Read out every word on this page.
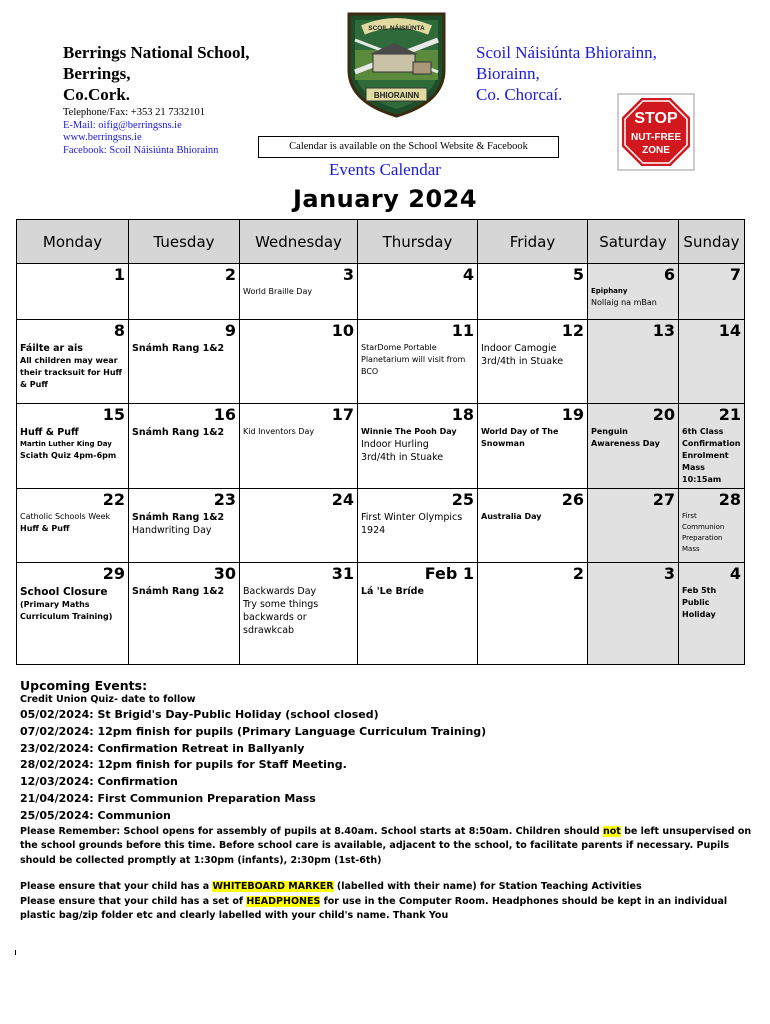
Berrings National School,
Berrings,
Co.Cork.
Telephone/Fax: +353 21 7332101
E-Mail: oifig@berringsns.ie
www.berringsns.ie
Facebook: Scoil Náisiúnta Bhiorainn
BHIORAINN
SCOIL NÁISIÚNTA
Scoil Náisiúnta Bhiorainn,
Biorainn,
Co. Chorcaí.
STOP
NUT-FREE
ZONE
Calendar is available on the School Website & Facebook
Events Calendar
January 2024
Monday	Tuesday	Wednesday	Thursday	Friday	Saturday	Sunday

1	2	3
World Braille Day	4	5	6
Epiphany
Nollaig na mBan	7

8
Fáilte ar ais
All children may wear their tracksuit for Huff & Puff	9
Snámh Rang 1&2	10	11
StarDome Portable Planetarium will visit from BCO	12
Indoor Camogie
3rd/4th in Stuake	13	14

15
Huff & Puff
Martin Luther King Day
Sciath Quiz 4pm-6pm	16
Snámh Rang 1&2	17
Kid Inventors Day	18
Winnie The Pooh Day
Indoor Hurling
3rd/4th in Stuake	19
World Day of The Snowman	20
Penguin Awareness Day	21
6th Class Confirmation Enrolment Mass 10:15am

22
Catholic Schools Week
Huff & Puff	23
Snámh Rang 1&2
Handwriting Day	24	25
First Winter Olympics 1924	26
Australia Day	27	28
First Communion Preparation Mass

29
School Closure
(Primary Maths Curriculum Training)	30
Snámh Rang 1&2	31
Backwards Day
Try some things backwards or sdrawkcab	Feb 1
Lá 'Le Bríde	2	3	4
Feb 5th Public Holiday
Upcoming Events:
Credit Union Quiz- date to follow
05/02/2024: St Brigid's Day-Public Holiday (school closed)
07/02/2024: 12pm finish for pupils (Primary Language Curriculum Training)
23/02/2024: Confirmation Retreat in Ballyanly
28/02/2024: 12pm finish for pupils for Staff Meeting.
12/03/2024: Confirmation
21/04/2024: First Communion Preparation Mass
25/05/2024: Communion
Please Remember: School opens for assembly of pupils at 8.40am. School starts at 8:50am. Children should not be left unsupervised on the school grounds before this time. Before school care is available, adjacent to the school, to facilitate parents if necessary. Pupils should be collected promptly at 1:30pm (infants), 2:30pm (1st-6th)
Please ensure that your child has a WHITEBOARD MARKER (labelled with their name) for Station Teaching Activities
Please ensure that your child has a set of HEADPHONES for use in the Computer Room. Headphones should be kept in an individual plastic bag/zip folder etc and clearly labelled with your child's name. Thank You
